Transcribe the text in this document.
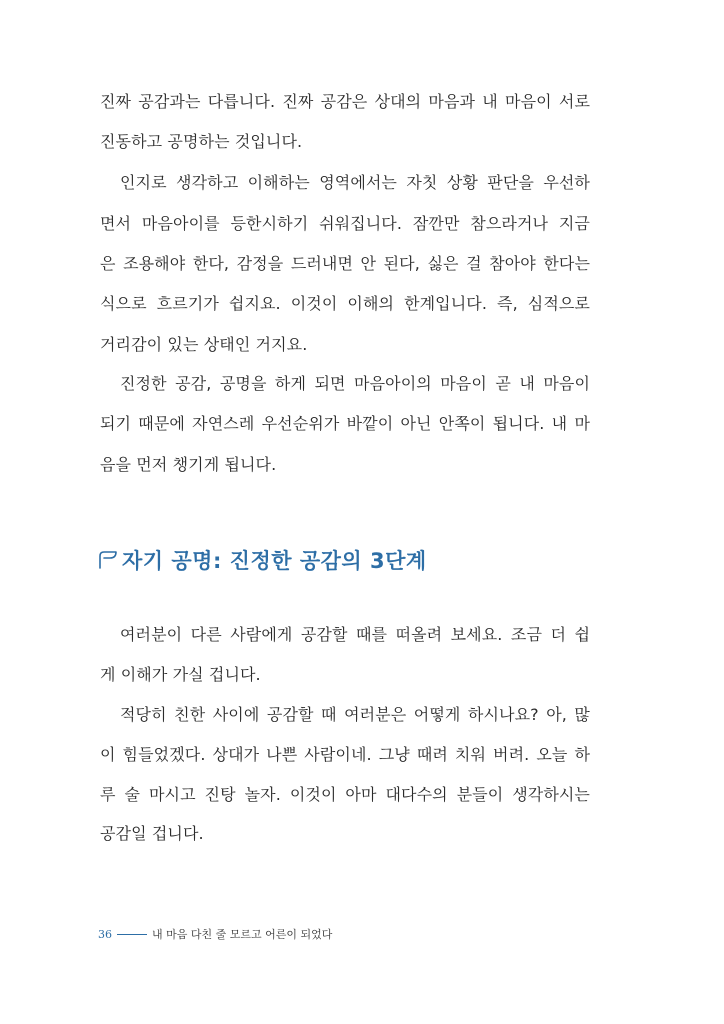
진짜 공감과는 다릅니다. 진짜 공감은 상대의 마음과 내 마음이 서로
진동하고 공명하는 것입니다.
인지로 생각하고 이해하는 영역에서는 자칫 상황 판단을 우선하
면서 마음아이를 등한시하기 쉬워집니다. 잠깐만 참으라거나 지금
은 조용해야 한다, 감정을 드러내면 안 된다, 싫은 걸 참아야 한다는
식으로 흐르기가 쉽지요. 이것이 이해의 한계입니다. 즉, 심적으로
거리감이 있는 상태인 거지요.
진정한 공감, 공명을 하게 되면 마음아이의 마음이 곧 내 마음이
되기 때문에 자연스레 우선순위가 바깥이 아닌 안쪽이 됩니다. 내 마
음을 먼저 챙기게 됩니다.
자기 공명: 진정한 공감의 3단계
여러분이 다른 사람에게 공감할 때를 떠올려 보세요. 조금 더 쉽
게 이해가 가실 겁니다.
적당히 친한 사이에 공감할 때 여러분은 어떻게 하시나요? 아, 많
이 힘들었겠다. 상대가 나쁜 사람이네. 그냥 때려 치워 버려. 오늘 하
루 술 마시고 진탕 놀자. 이것이 아마 대다수의 분들이 생각하시는
공감일 겁니다.
36	내 마음 다친 줄 모르고 어른이 되었다
